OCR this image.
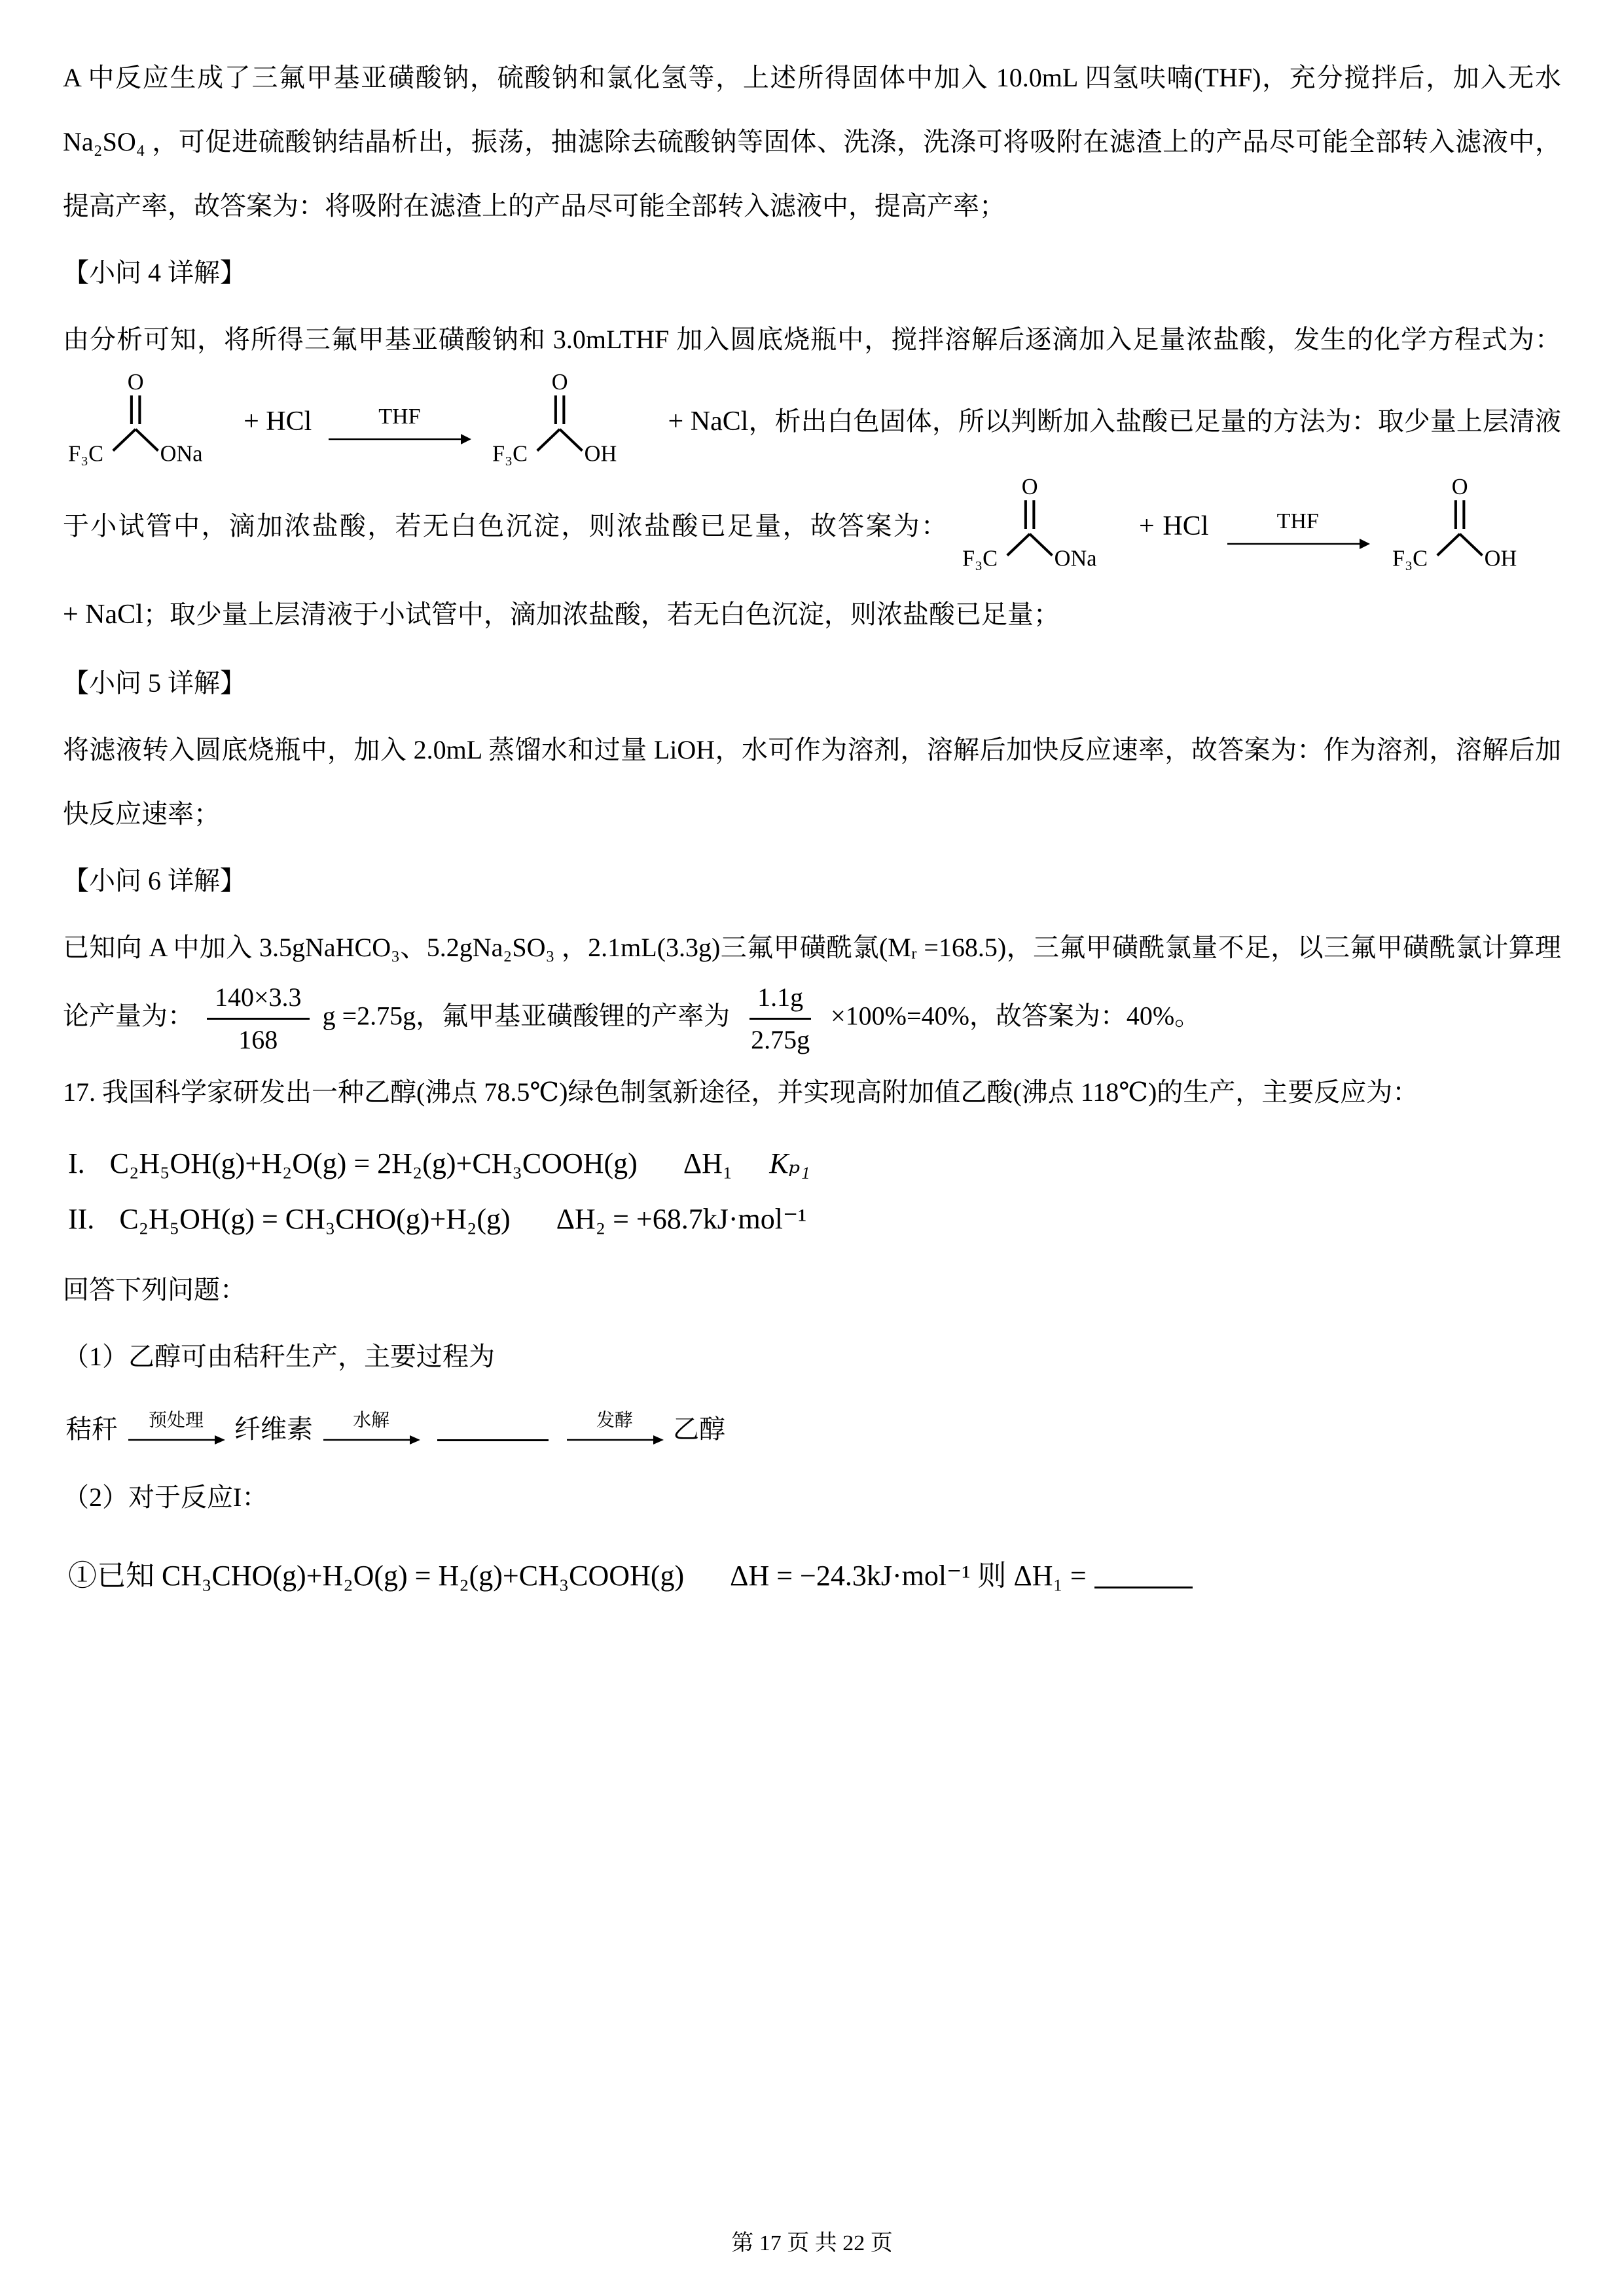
A 中反应生成了三氟甲基亚磺酸钠，硫酸钠和氯化氢等，上述所得固体中加入 10.0mL 四氢呋喃(THF)，充分搅拌后，加入无水 Na₂SO₄ ，可促进硫酸钠结晶析出，振荡，抽滤除去硫酸钠等固体、洗涤，洗涤可将吸附在滤渣上的产品尽可能全部转入滤液中，提高产率，故答案为：将吸附在滤渣上的产品尽可能全部转入滤液中，提高产率；

【小问 4 详解】

由分析可知，将所得三氟甲基亚磺酸钠和 3.0mLTHF 加入圆底烧瓶中，搅拌溶解后逐滴加入足量浓盐酸，发生的化学方程式为：
F₃C
O
ONa
+ HCl	THF

F₃C
O
OH
+ NaCl，析出白色固体，所以判断加入盐酸已足量的方法为：取少量上层清液于小试管中，滴加浓盐酸，若无白色沉淀，则浓盐酸已足量，故答案为：
F₃C
O
ONa
+ HCl	THF

F₃C
O
OH
+ NaCl；取少量上层清液于小试管中，滴加浓盐酸，若无白色沉淀，则浓盐酸已足量；

【小问 5 详解】

将滤液转入圆底烧瓶中，加入 2.0mL 蒸馏水和过量 LiOH，水可作为溶剂，溶解后加快反应速率，故答案为：作为溶剂，溶解后加快反应速率；

【小问 6 详解】

已知向 A 中加入 3.5gNaHCO₃、5.2gNa₂SO₃ ，2.1mL(3.3g)三氟甲磺酰氯(Mᵣ =168.5)，三氟甲磺酰氯量不足，以三氟甲磺酰氯计算理论产量为： $\frac{140\times 3.3}{168}$ g =2.75g，氟甲基亚磺酸锂的产率为 $\frac{1.1g}{2.75g} \times 100\%=40\%$，故答案为：40%。

17. 我国科学家研发出一种乙醇(沸点 78.5℃)绿色制氢新途径，并实现高附加值乙酸(沸点 118℃)的生产，主要反应为：

I. C₂H₅OH(g)+H₂O(g) = 2H₂(g)+CH₃COOH(g) ΔH₁ Kₚ₁
II. C₂H₅OH(g) = CH₃CHO(g)+H₂(g) ΔH₂ = +68.7kJ·mol⁻¹

回答下列问题：

（1）乙醇可由秸秆生产，主要过程为

秸秆 预处理 纤维素 水解	发酵 乙醇

（2）对于反应I：

①已知 CH₃CHO(g)+H₂O(g) = H₂(g)+CH₃COOH(g) ΔH = −24.3kJ·mol⁻¹ 则 ΔH₁ =
第 17 页 共 22 页
